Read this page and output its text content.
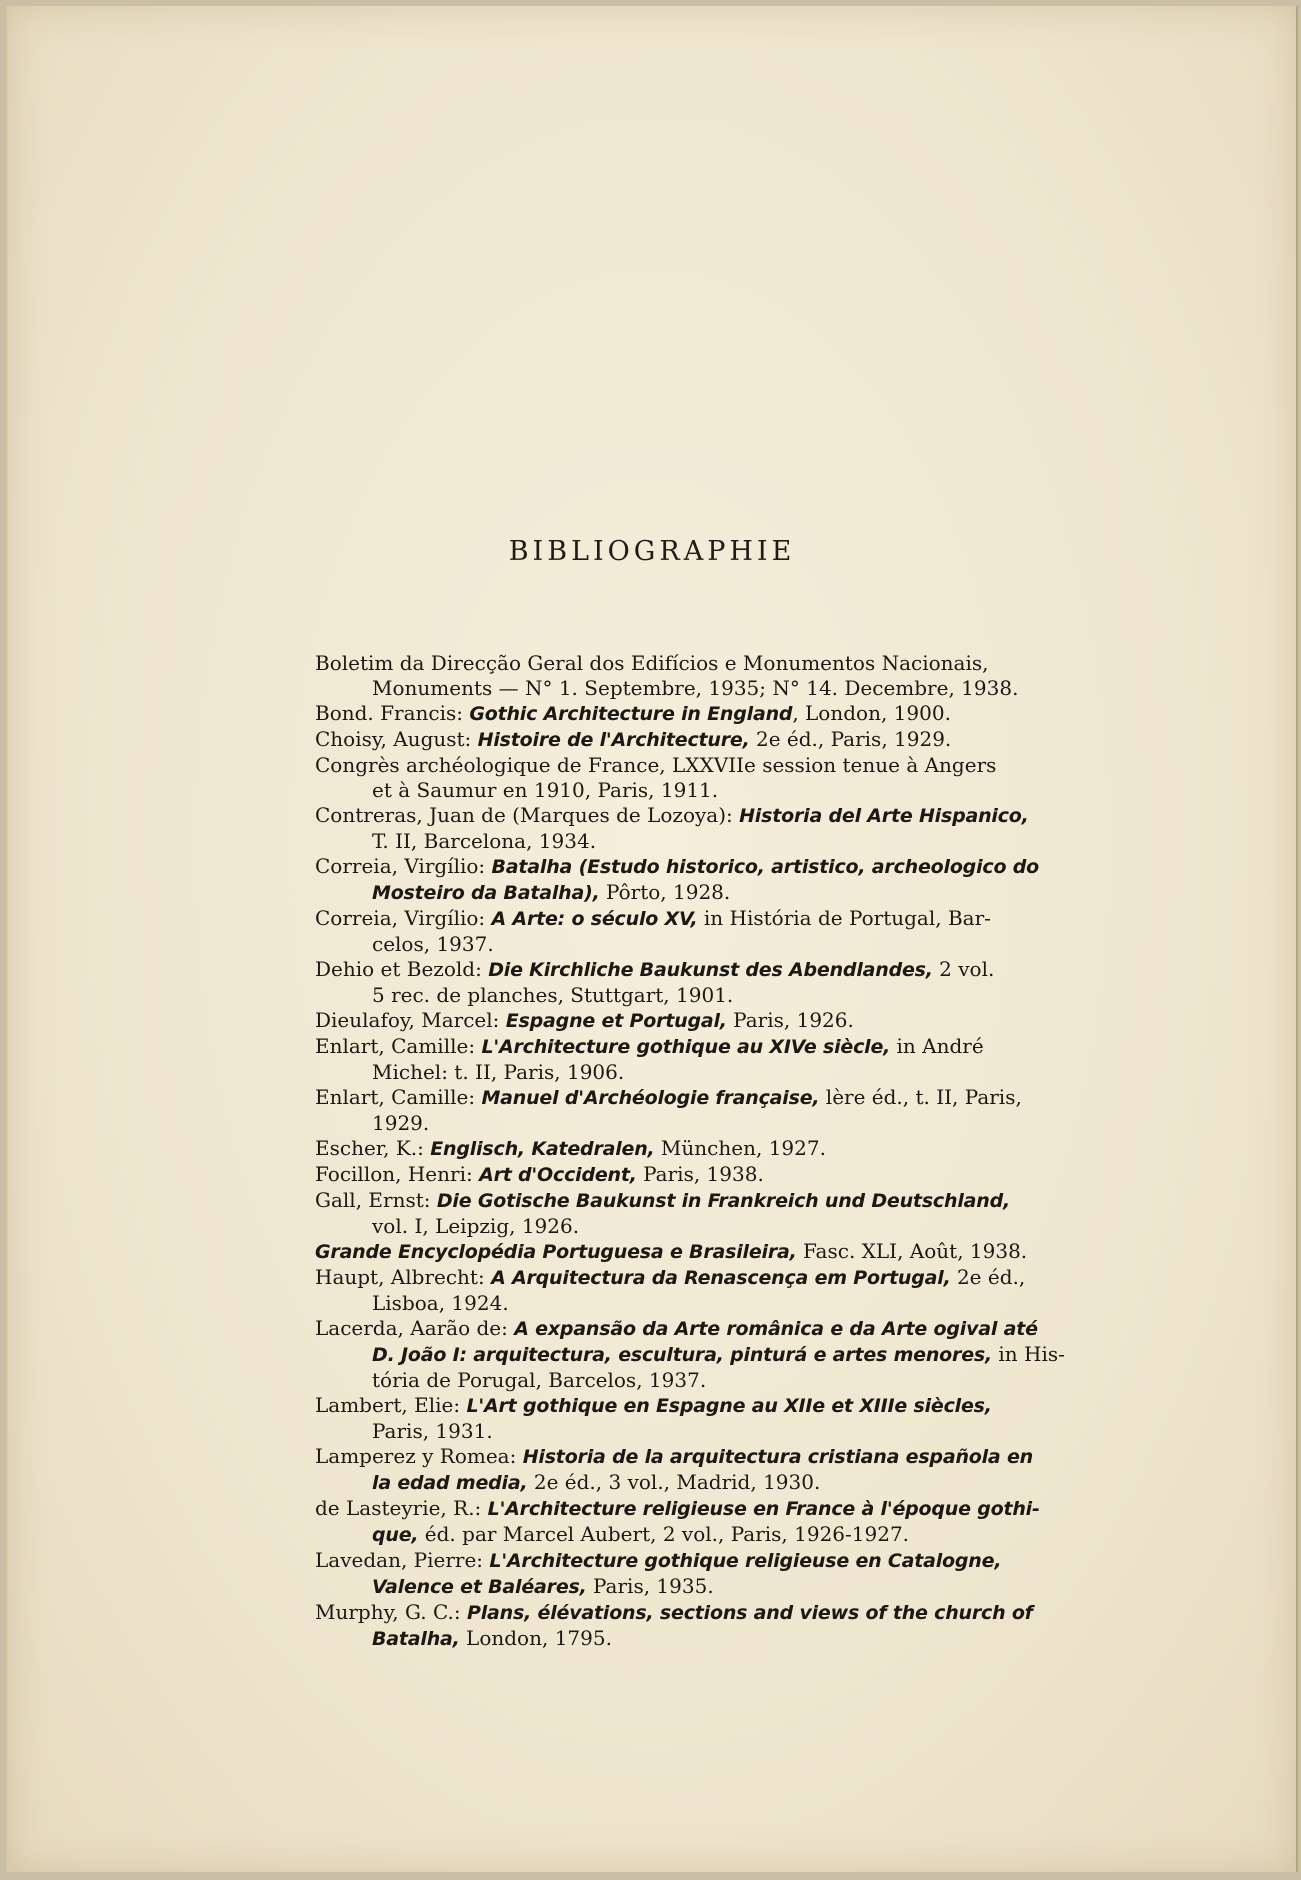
BIBLIOGRAPHIE
Boletim da Direcção Geral dos Edifícios e Monumentos Nacionais,
Monuments — N° 1. Septembre, 1935; N° 14. Decembre, 1938.
Bond. Francis: Gothic Architecture in England, London, 1900.
Choisy, August: Histoire de l'Architecture, 2e éd., Paris, 1929.
Congrès archéologique de France, LXXVIIe session tenue à Angers
et à Saumur en 1910, Paris, 1911.
Contreras, Juan de (Marques de Lozoya): Historia del Arte Hispanico,
T. II, Barcelona, 1934.
Correia, Virgílio: Batalha (Estudo historico, artistico, archeologico do
Mosteiro da Batalha), Pôrto, 1928.
Correia, Virgílio: A Arte: o século XV, in História de Portugal, Bar-
celos, 1937.
Dehio et Bezold: Die Kirchliche Baukunst des Abendlandes, 2 vol.
5 rec. de planches, Stuttgart, 1901.
Dieulafoy, Marcel: Espagne et Portugal, Paris, 1926.
Enlart, Camille: L'Architecture gothique au XIVe siècle, in André
Michel: t. II, Paris, 1906.
Enlart, Camille: Manuel d'Archéologie française, lère éd., t. II, Paris,
1929.
Escher, K.: Englisch, Katedralen, München, 1927.
Focillon, Henri: Art d'Occident, Paris, 1938.
Gall, Ernst: Die Gotische Baukunst in Frankreich und Deutschland,
vol. I, Leipzig, 1926.
Grande Encyclopédia Portuguesa e Brasileira, Fasc. XLI, Août, 1938.
Haupt, Albrecht: A Arquitectura da Renascença em Portugal, 2e éd.,
Lisboa, 1924.
Lacerda, Aarão de: A expansão da Arte românica e da Arte ogival até
D. João I: arquitectura, escultura, pinturá e artes menores, in His-
tória de Porugal, Barcelos, 1937.
Lambert, Elie: L'Art gothique en Espagne au XIIe et XIIIe siècles,
Paris, 1931.
Lamperez y Romea: Historia de la arquitectura cristiana española en
la edad media, 2e éd., 3 vol., Madrid, 1930.
de Lasteyrie, R.: L'Architecture religieuse en France à l'époque gothi-
que, éd. par Marcel Aubert, 2 vol., Paris, 1926-1927.
Lavedan, Pierre: L'Architecture gothique religieuse en Catalogne,
Valence et Baléares, Paris, 1935.
Murphy, G. C.: Plans, élévations, sections and views of the church of
Batalha, London, 1795.
